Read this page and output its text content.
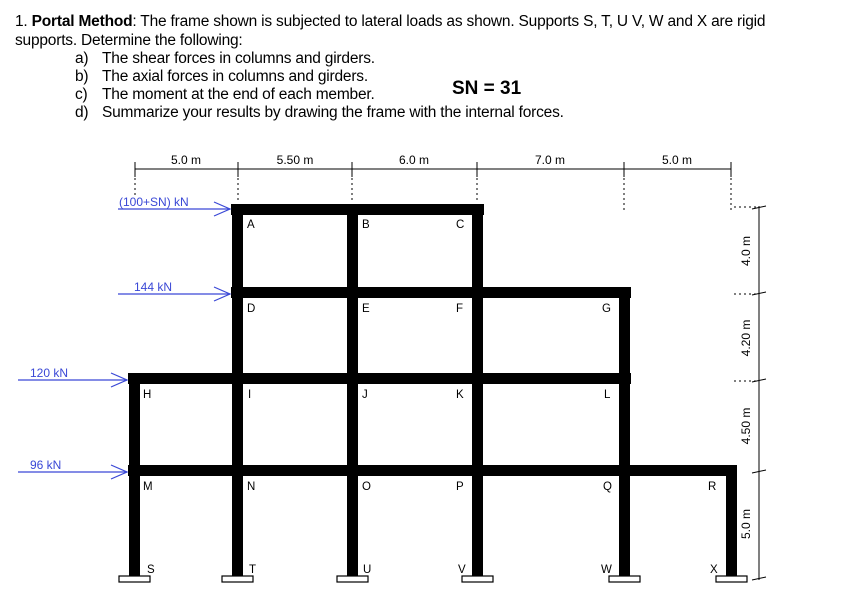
1. Portal Method: The frame shown is subjected to lateral loads as shown. Supports S, T, U V, W and X are rigid supports. Determine the following:

a) The shear forces in columns and girders.
b) The axial forces in columns and girders.
c) The moment at the end of each member.
d) Summarize your results by drawing the frame with the internal forces.
SN = 31
5.0 m	5.50 m	6.0 m	7.0 m	5.0 m
4.0 m
4.20 m
4.50 m
5.0 m
(100+SN) kN
144 kN
120 kN
96 kN
A	B	C
D	E	F	G
H	I	J	K	L
M	N	O	P	Q	R
S	T	U	V	W	X
